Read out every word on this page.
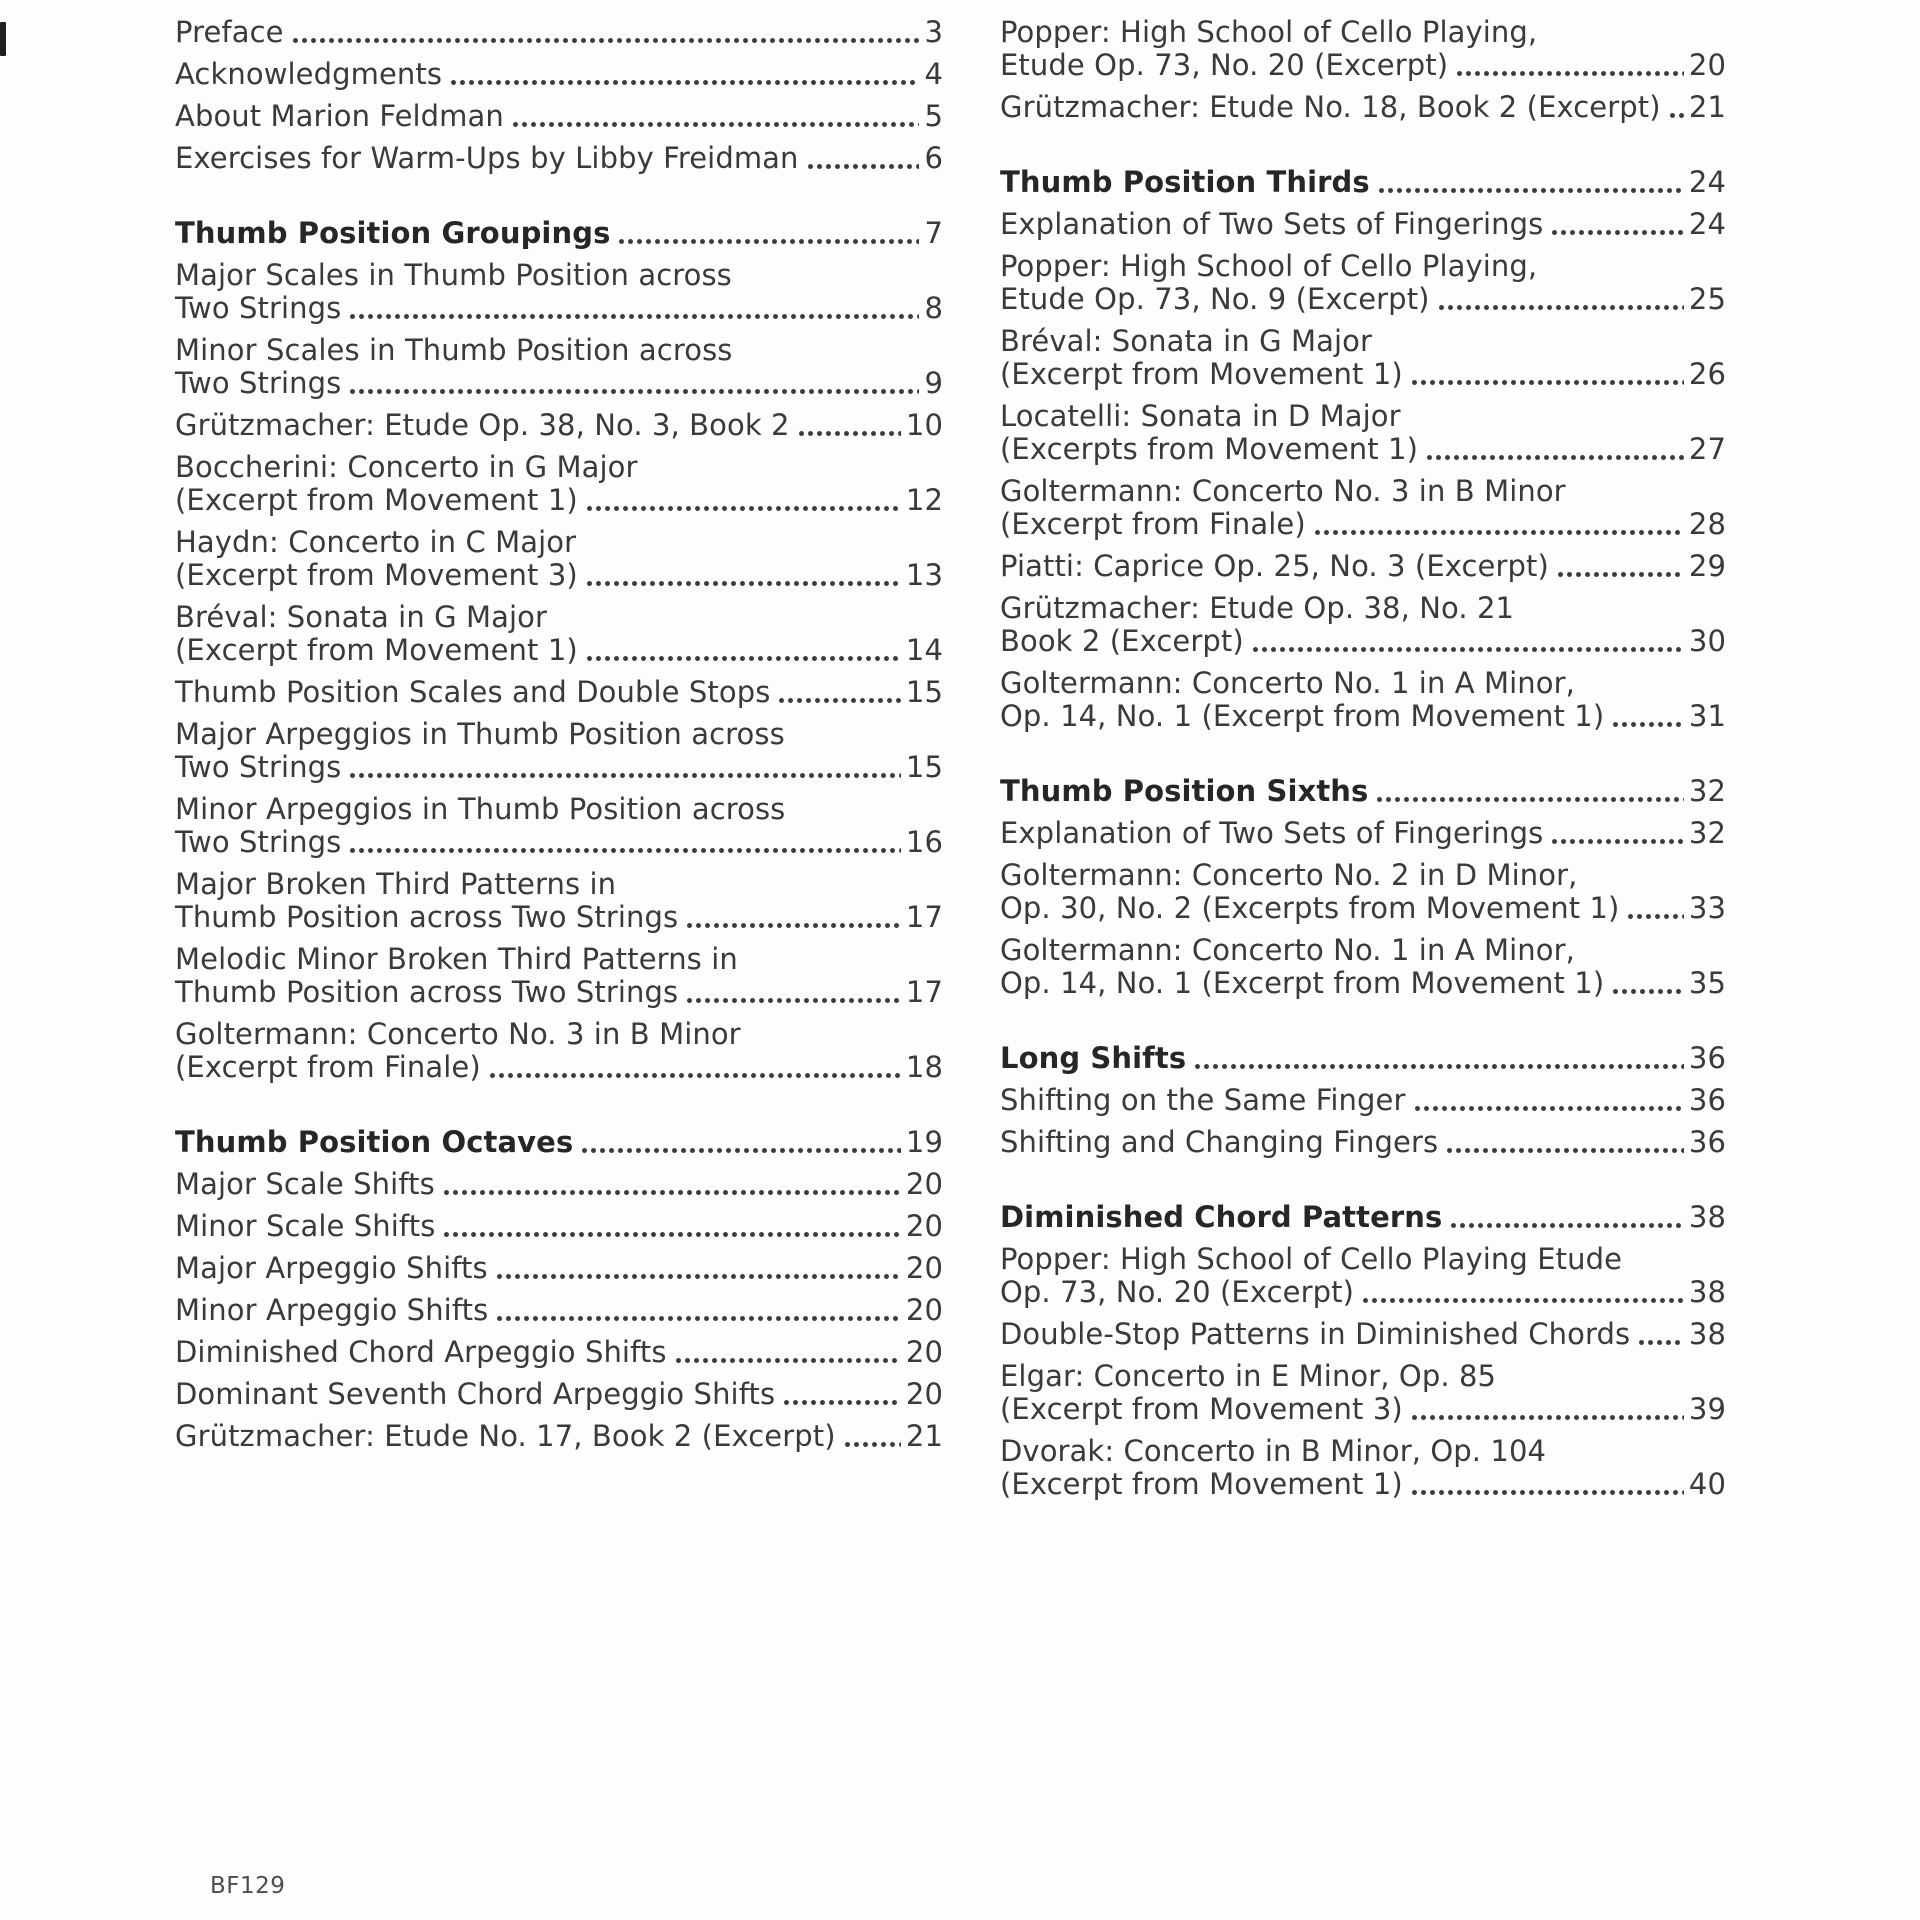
Preface	3
Acknowledgments	4
About Marion Feldman	5
Exercises for Warm-Ups by Libby Freidman	6
Thumb Position Groupings	7
Major Scales in Thumb Position across
Two Strings	8
Minor Scales in Thumb Position across
Two Strings	9
Grützmacher: Etude Op. 38, No. 3, Book 2	10
Boccherini: Concerto in G Major
(Excerpt from Movement 1)	12
Haydn: Concerto in C Major
(Excerpt from Movement 3)	13
Bréval: Sonata in G Major
(Excerpt from Movement 1)	14
Thumb Position Scales and Double Stops	15
Major Arpeggios in Thumb Position across
Two Strings	15
Minor Arpeggios in Thumb Position across
Two Strings	16
Major Broken Third Patterns in
Thumb Position across Two Strings	17
Melodic Minor Broken Third Patterns in
Thumb Position across Two Strings	17
Goltermann: Concerto No. 3 in B Minor
(Excerpt from Finale)	18
Thumb Position Octaves	19
Major Scale Shifts	20
Minor Scale Shifts	20
Major Arpeggio Shifts	20
Minor Arpeggio Shifts	20
Diminished Chord Arpeggio Shifts	20
Dominant Seventh Chord Arpeggio Shifts	20
Grützmacher: Etude No. 17, Book 2 (Excerpt) 21
Popper: High School of Cello Playing,
Etude Op. 73, No. 20 (Excerpt)	20
Grützmacher: Etude No. 18, Book 2 (Excerpt) 21
Thumb Position Thirds	24
Explanation of Two Sets of Fingerings	24
Popper: High School of Cello Playing,
Etude Op. 73, No. 9 (Excerpt)	25
Bréval: Sonata in G Major
(Excerpt from Movement 1)	26
Locatelli: Sonata in D Major
(Excerpts from Movement 1)	27
Goltermann: Concerto No. 3 in B Minor
(Excerpt from Finale)	28
Piatti: Caprice Op. 25, No. 3 (Excerpt)	29
Grützmacher: Etude Op. 38, No. 21
Book 2 (Excerpt)	30
Goltermann: Concerto No. 1 in A Minor,
Op. 14, No. 1 (Excerpt from Movement 1)	31
Thumb Position Sixths	32
Explanation of Two Sets of Fingerings	32
Goltermann: Concerto No. 2 in D Minor,
Op. 30, No. 2 (Excerpts from Movement 1) 33
Goltermann: Concerto No. 1 in A Minor,
Op. 14, No. 1 (Excerpt from Movement 1)	35
Long Shifts	36
Shifting on the Same Finger	36
Shifting and Changing Fingers	36
Diminished Chord Patterns	38
Popper: High School of Cello Playing Etude
Op. 73, No. 20 (Excerpt)	38
Double-Stop Patterns in Diminished Chords 38
Elgar: Concerto in E Minor, Op. 85
(Excerpt from Movement 3)	39
Dvorak: Concerto in B Minor, Op. 104
(Excerpt from Movement 1)	40
BF129
